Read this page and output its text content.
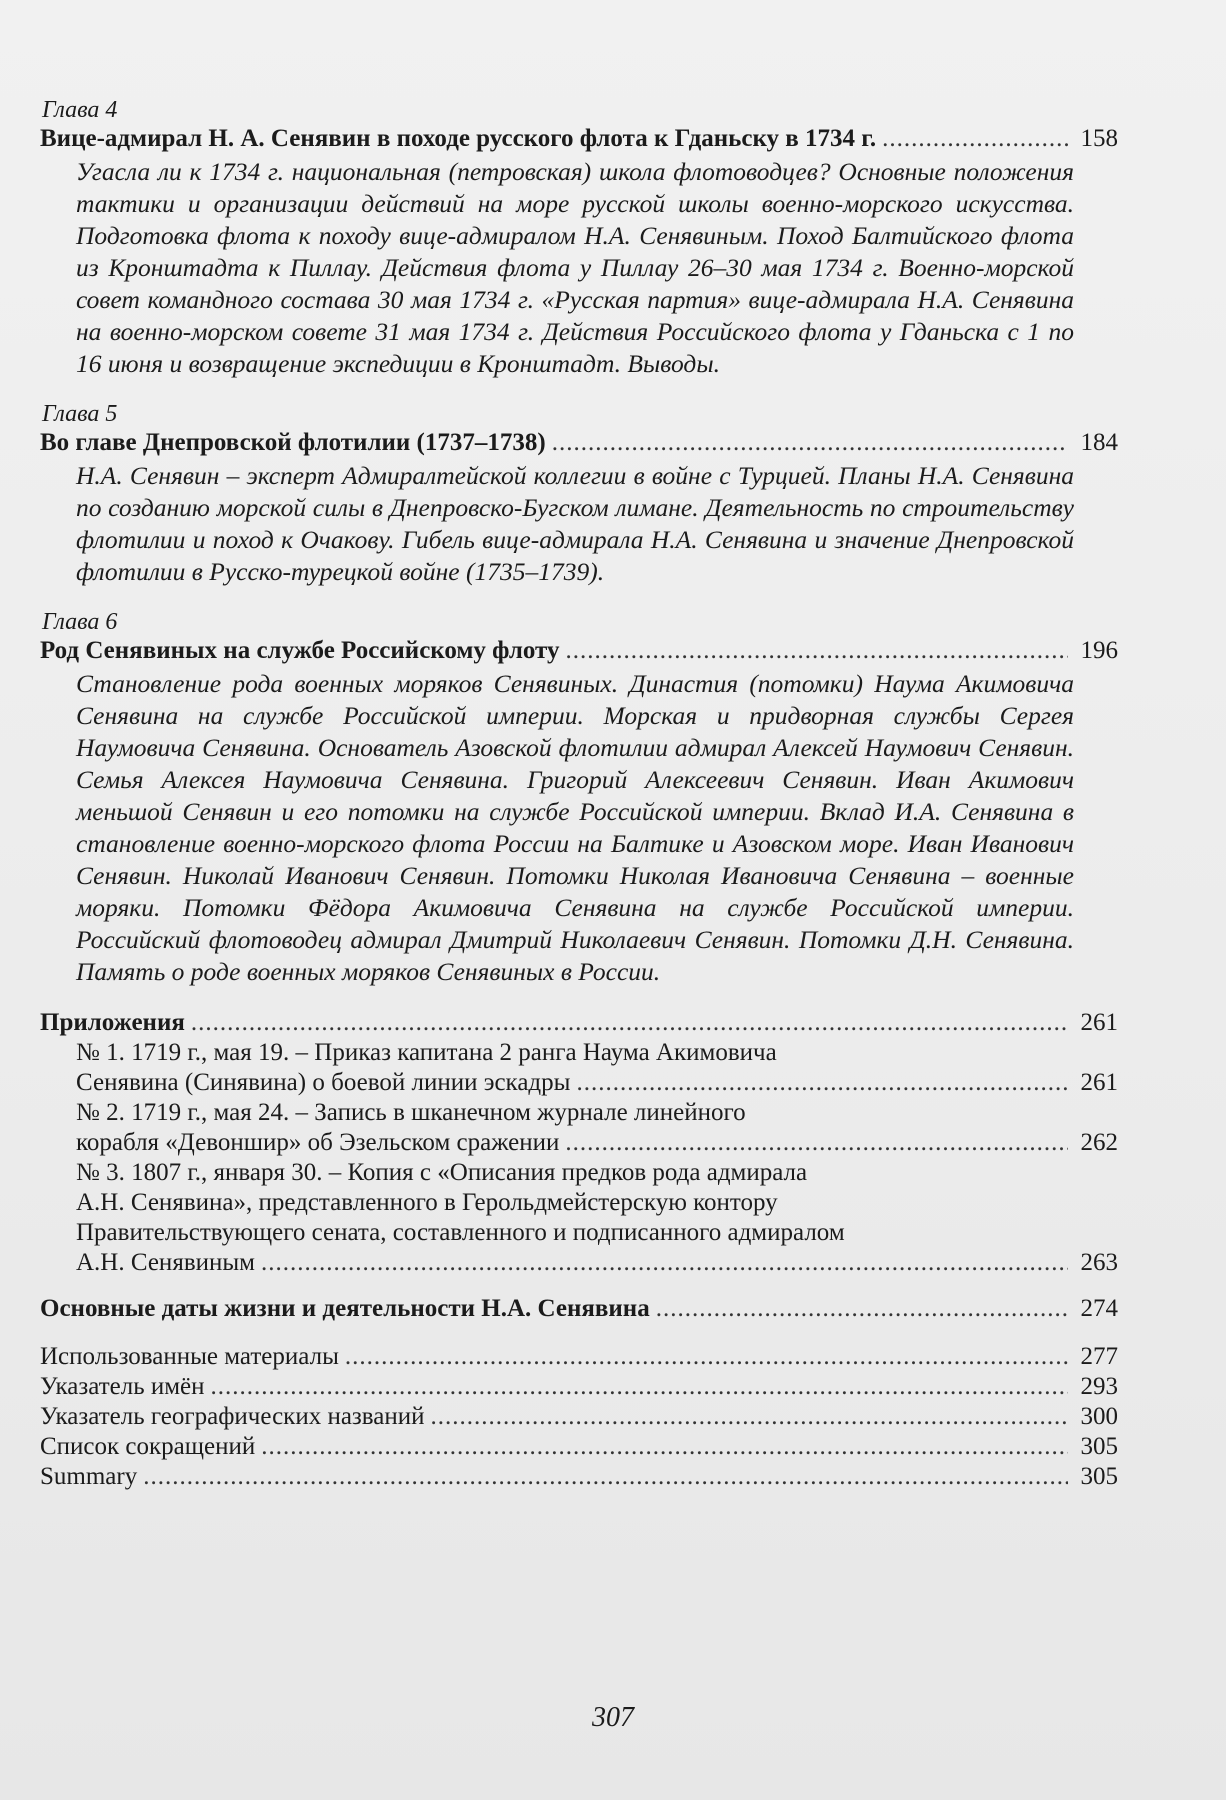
Глава 4
Вице-адмирал Н. А. Сенявин в походе русского флота к Гданьску в 1734 г. .....	158
Угасла ли к 1734 г. национальная (петровская) школа флотоводцев? Основные положения тактики и организации действий на море русской школы военно-морского искусства. Подготовка флота к походу вице-адмиралом Н.А. Сенявиным. Поход Балтийского флота из Кронштадта к Пиллау. Действия флота у Пиллау 26–30 мая 1734 г. Военно-морской совет командного состава 30 мая 1734 г. «Русская партия» вице-адмирала Н.А. Сенявина на военно-морском совете 31 мая 1734 г. Действия Российского флота у Гданьска с 1 по 16 июня и возвращение экспедиции в Кронштадт. Выводы.
Глава 5
Во главе Днепровской флотилии (1737–1738) .....	184
Н.А. Сенявин – эксперт Адмиралтейской коллегии в войне с Турцией. Планы Н.А. Сенявина по созданию морской силы в Днепровско-Бугском лимане. Деятельность по строительству флотилии и поход к Очакову. Гибель вице-адмирала Н.А. Сенявина и значение Днепровской флотилии в Русско-турецкой войне (1735–1739).
Глава 6
Род Сенявиных на службе Российскому флоту .....	196
Становление рода военных моряков Сенявиных. Династия (потомки) Наума Акимовича Сенявина на службе Российской империи. Морская и придворная службы Сергея Наумовича Сенявина. Основатель Азовской флотилии адмирал Алексей Наумович Сенявин. Семья Алексея Наумовича Сенявина. Григорий Алексеевич Сенявин. Иван Акимович меньшой Сенявин и его потомки на службе Российской империи. Вклад И.А. Сенявина в становление военно-морского флота России на Балтике и Азовском море. Иван Иванович Сенявин. Николай Иванович Сенявин. Потомки Николая Ивановича Сенявина – военные моряки. Потомки Фёдора Акимовича Сенявина на службе Российской империи. Российский флотоводец адмирал Дмитрий Николаевич Сенявин. Потомки Д.Н. Сенявина. Память о роде военных моряков Сенявиных в России.
Приложения .....	261
№ 1. 1719 г., мая 19. – Приказ капитана 2 ранга Наума Акимовича
Сенявина (Синявина) о боевой линии эскадры .....	261
№ 2. 1719 г., мая 24. – Запись в шканечном журнале линейного
корабля «Девоншир» об Эзельском сражении .....	262
№ 3. 1807 г., января 30. – Копия с «Описания предков рода адмирала
А.Н. Сенявина», представленного в Герольдмейстерскую контору
Правительствующего сената, составленного и подписанного адмиралом
А.Н. Сенявиным .....	263
Основные даты жизни и деятельности Н.А. Сенявина .....	274
Использованные материалы .....	277
Указатель имён .....	293
Указатель географических названий .....	300
Список сокращений .....	305
Summary .....	305
307
